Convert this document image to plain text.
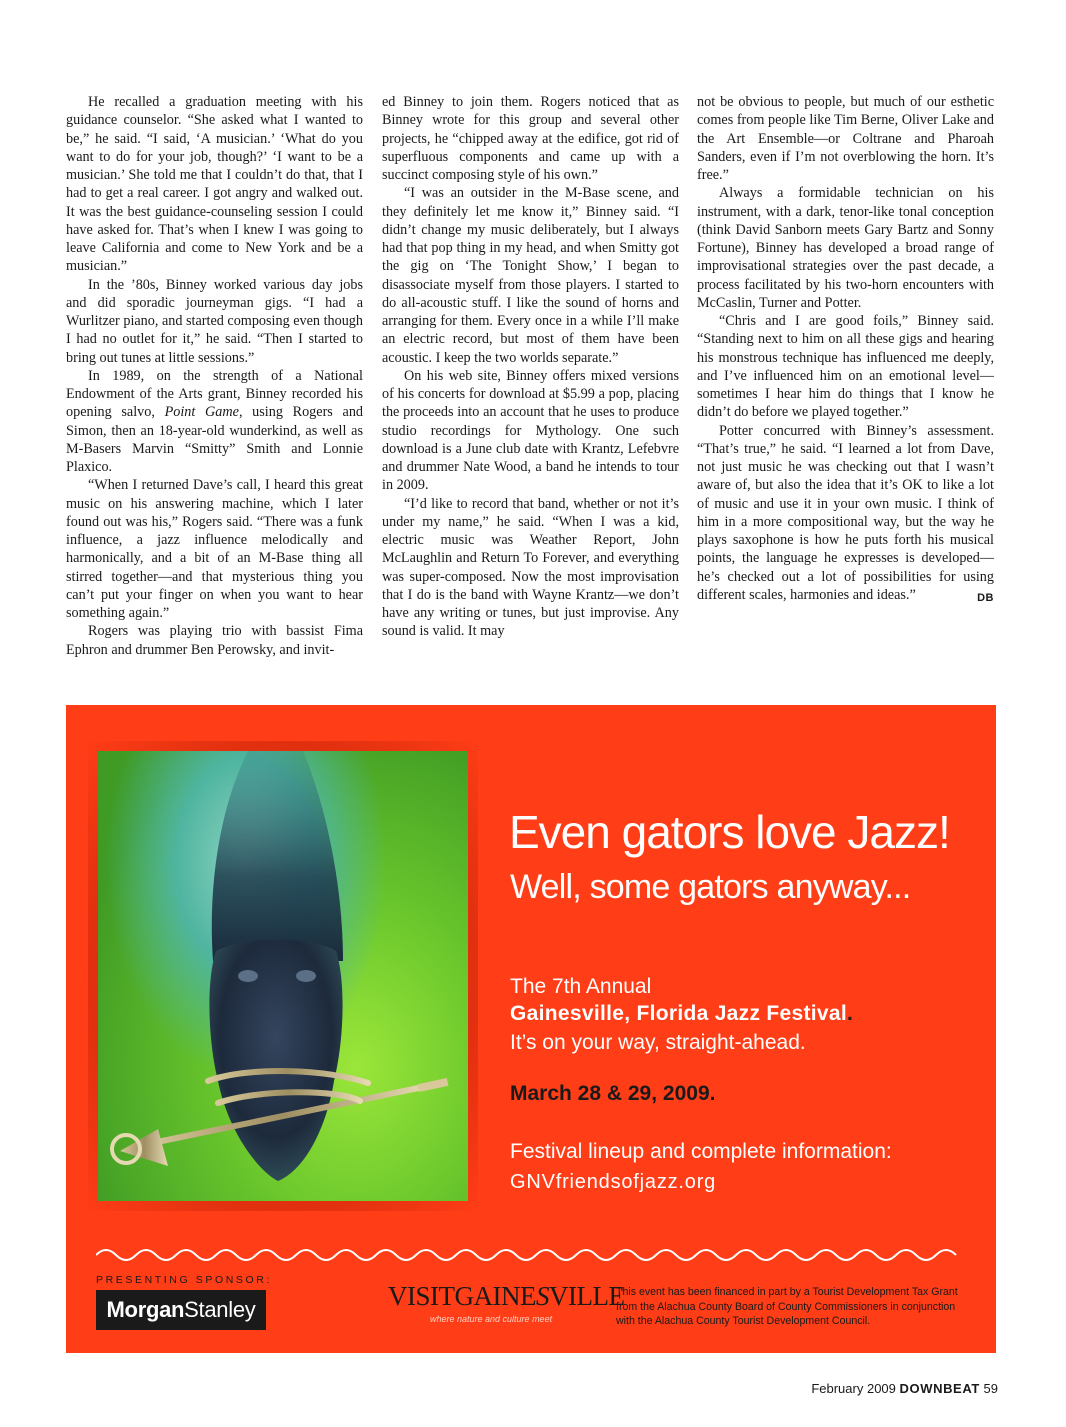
He recalled a graduation meeting with his guidance counselor. “She asked what I wanted to be,” he said. “I said, ‘A musician.’ ‘What do you want to do for your job, though?’ ‘I want to be a musician.’ She told me that I couldn’t do that, that I had to get a real career. I got angry and walked out. It was the best guidance-counseling session I could have asked for. That’s when I knew I was going to leave California and come to New York and be a musician.”

In the ’80s, Binney worked various day jobs and did sporadic journeyman gigs. “I had a Wurlitzer piano, and started composing even though I had no outlet for it,” he said. “Then I started to bring out tunes at little sessions.”

In 1989, on the strength of a National Endowment of the Arts grant, Binney recorded his opening salvo, Point Game, using Rogers and Simon, then an 18-year-old wunderkind, as well as M-Basers Marvin “Smitty” Smith and Lonnie Plaxico.

“When I returned Dave’s call, I heard this great music on his answering machine, which I later found out was his,” Rogers said. “There was a funk influence, a jazz influence melodically and harmonically, and a bit of an M-Base thing all stirred together—and that mysterious thing you can’t put your finger on when you want to hear something again.”

Rogers was playing trio with bassist Fima Ephron and drummer Ben Perowsky, and invit-

ed Binney to join them. Rogers noticed that as Binney wrote for this group and several other projects, he “chipped away at the edifice, got rid of superfluous components and came up with a succinct composing style of his own.”

“I was an outsider in the M-Base scene, and they definitely let me know it,” Binney said. “I didn’t change my music deliberately, but I always had that pop thing in my head, and when Smitty got the gig on ‘The Tonight Show,’ I began to disassociate myself from those players. I started to do all-acoustic stuff. I like the sound of horns and arranging for them. Every once in a while I’ll make an electric record, but most of them have been acoustic. I keep the two worlds separate.”

On his web site, Binney offers mixed versions of his concerts for download at $5.99 a pop, placing the proceeds into an account that he uses to produce studio recordings for Mythology. One such download is a June club date with Krantz, Lefebvre and drummer Nate Wood, a band he intends to tour in 2009.

“I’d like to record that band, whether or not it’s under my name,” he said. “When I was a kid, electric music was Weather Report, John McLaughlin and Return To Forever, and everything was super-composed. Now the most improvisation that I do is the band with Wayne Krantz—we don’t have any writing or tunes, but just improvise. Any sound is valid. It may

not be obvious to people, but much of our esthetic comes from people like Tim Berne, Oliver Lake and the Art Ensemble—or Coltrane and Pharoah Sanders, even if I’m not overblowing the horn. It’s free.”

Always a formidable technician on his instrument, with a dark, tenor-like tonal conception (think David Sanborn meets Gary Bartz and Sonny Fortune), Binney has developed a broad range of improvisational strategies over the past decade, a process facilitated by his two-horn encounters with McCaslin, Turner and Potter.

“Chris and I are good foils,” Binney said. “Standing next to him on all these gigs and hearing his monstrous technique has influenced me deeply, and I’ve influenced him on an emotional level—sometimes I hear him do things that I know he didn’t do before we played together.”

Potter concurred with Binney’s assessment. “That’s true,” he said. “I learned a lot from Dave, not just music he was checking out that I wasn’t aware of, but also the idea that it’s OK to like a lot of music and use it in your own music. I think of him in a more compositional way, but the way he plays saxophone is how he puts forth his musical points, the language he expresses is developed—he’s checked out a lot of possibilities for using different scales, harmonies and ideas.”	DB

Even gators love Jazz!
Well, some gators anyway...
The 7th Annual
Gainesville, Florida Jazz Festival.
It’s on your way, straight-ahead.
March 28 & 29, 2009.
Festival lineup and complete information:
GNVfriendsofjazz.org
PRESENTING SPONSOR:
Morgan Stanley	VISITGAINESVILLE
where nature and culture meet
This event has been financed in part by a Tourist Development Tax Grant from the Alachua County Board of County Commissioners in conjunction with the Alachua County Tourist Development Council.
February 2009 DOWNBEAT 59
